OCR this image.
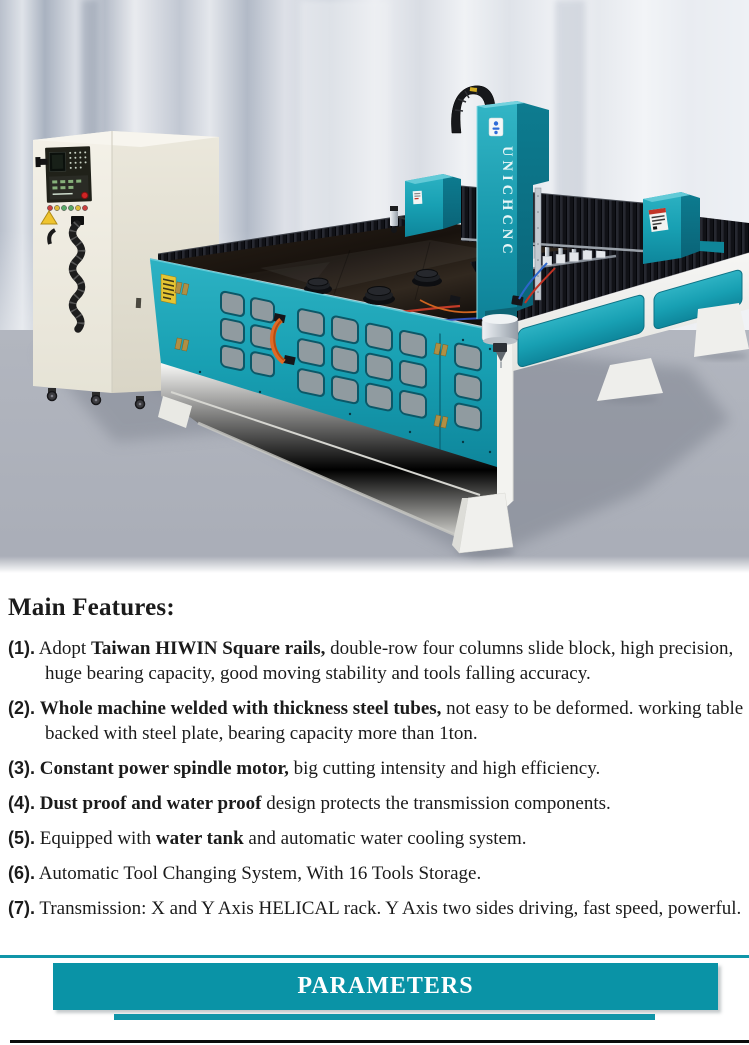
UNICHCNC
Main Features:

(1). Adopt Taiwan HIWIN Square rails, double-row four columns slide block, high precision, huge bearing capacity, good moving stability and tools falling accuracy.

(2). Whole machine welded with thickness steel tubes, not easy to be deformed. working table backed with steel plate, bearing capacity more than 1ton.

(3). Constant power spindle motor, big cutting intensity and high efficiency.

(4). Dust proof and water proof design protects the transmission components.

(5). Equipped with water tank and automatic water cooling system.

(6). Automatic Tool Changing System, With 16 Tools Storage.

(7). Transmission: X and Y Axis HELICAL rack. Y Axis two sides driving, fast speed, powerful.

PARAMETERS
